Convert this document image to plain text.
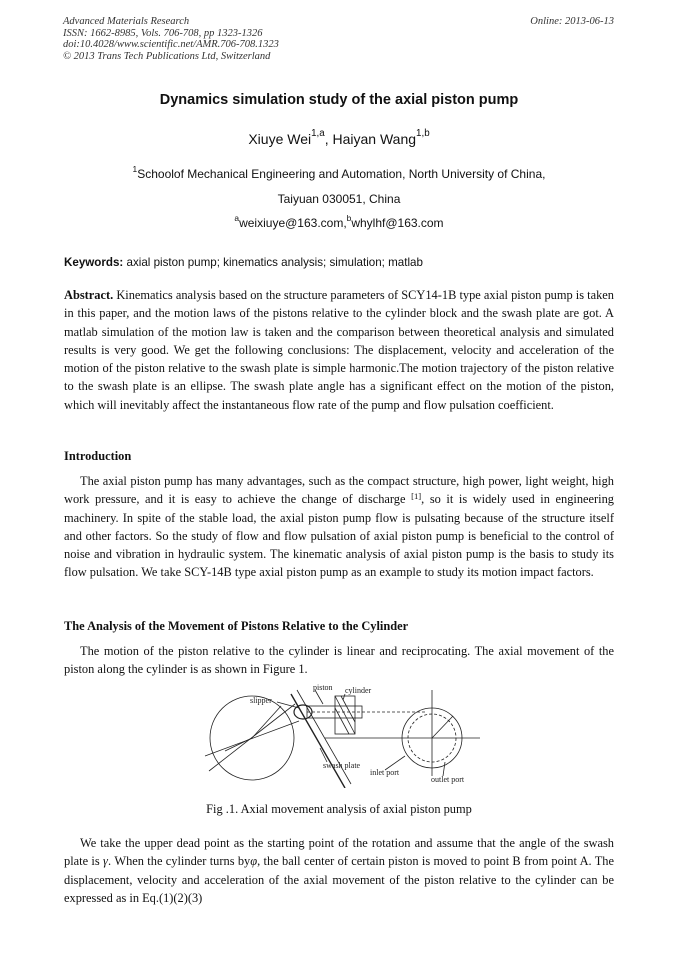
Advanced Materials Research
ISSN: 1662-8985, Vols. 706-708, pp 1323-1326
doi:10.4028/www.scientific.net/AMR.706-708.1323
© 2013 Trans Tech Publications Ltd, Switzerland
Online: 2013-06-13
Dynamics simulation study of the axial piston pump
Xiuye Wei$^{1,a}$, Haiyan Wang$^{1,b}$
$^1$Schoolof Mechanical Engineering and Automation, North University of China,
Taiyuan 030051, China
$^a$weixiuye@163.com,$^b$whylhf@163.com
Keywords: axial piston pump; kinematics analysis; simulation; matlab
Abstract. Kinematics analysis based on the structure parameters of SCY14-1B type axial piston pump is taken in this paper, and the motion laws of the pistons relative to the cylinder block and the swash plate are got. A matlab simulation of the motion law is taken and the comparison between theoretical analysis and simulated results is very good. We get the following conclusions: The displacement, velocity and acceleration of the motion of the piston relative to the swash plate is simple harmonic.The motion trajectory of the piston relative to the swash plate is an ellipse. The swash plate angle has a significant effect on the motion of the piston, which will inevitably affect the instantaneous flow rate of the pump and flow pulsation coefficient.
Introduction
The axial piston pump has many advantages, such as the compact structure, high power, light weight, high work pressure, and it is easy to achieve the change of discharge [1], so it is widely used in engineering machinery. In spite of the stable load, the axial piston pump flow is pulsating because of the structure itself and other factors. So the study of flow and flow pulsation of axial piston pump is beneficial to the control of noise and vibration in hydraulic system. The kinematic analysis of axial piston pump is the basis to study its flow pulsation. We take SCY-14B type axial piston pump as an example to study its motion impact factors.
The Analysis of the Movement of Pistons Relative to the Cylinder
The motion of the piston relative to the cylinder is linear and reciprocating. The axial movement of the piston along the cylinder is as shown in Figure 1.
slipper
piston cylinder
swash plate
inlet port
outlet port
Fig .1. Axial movement analysis of axial piston pump
We take the upper dead point as the starting point of the rotation and assume that the angle of the swash plate is γ. When the cylinder turns byφ, the ball center of certain piston is moved to point B from point A. The displacement, velocity and acceleration of the axial movement of the piston relative to the cylinder can be expressed as in Eq.(1)(2)(3)
